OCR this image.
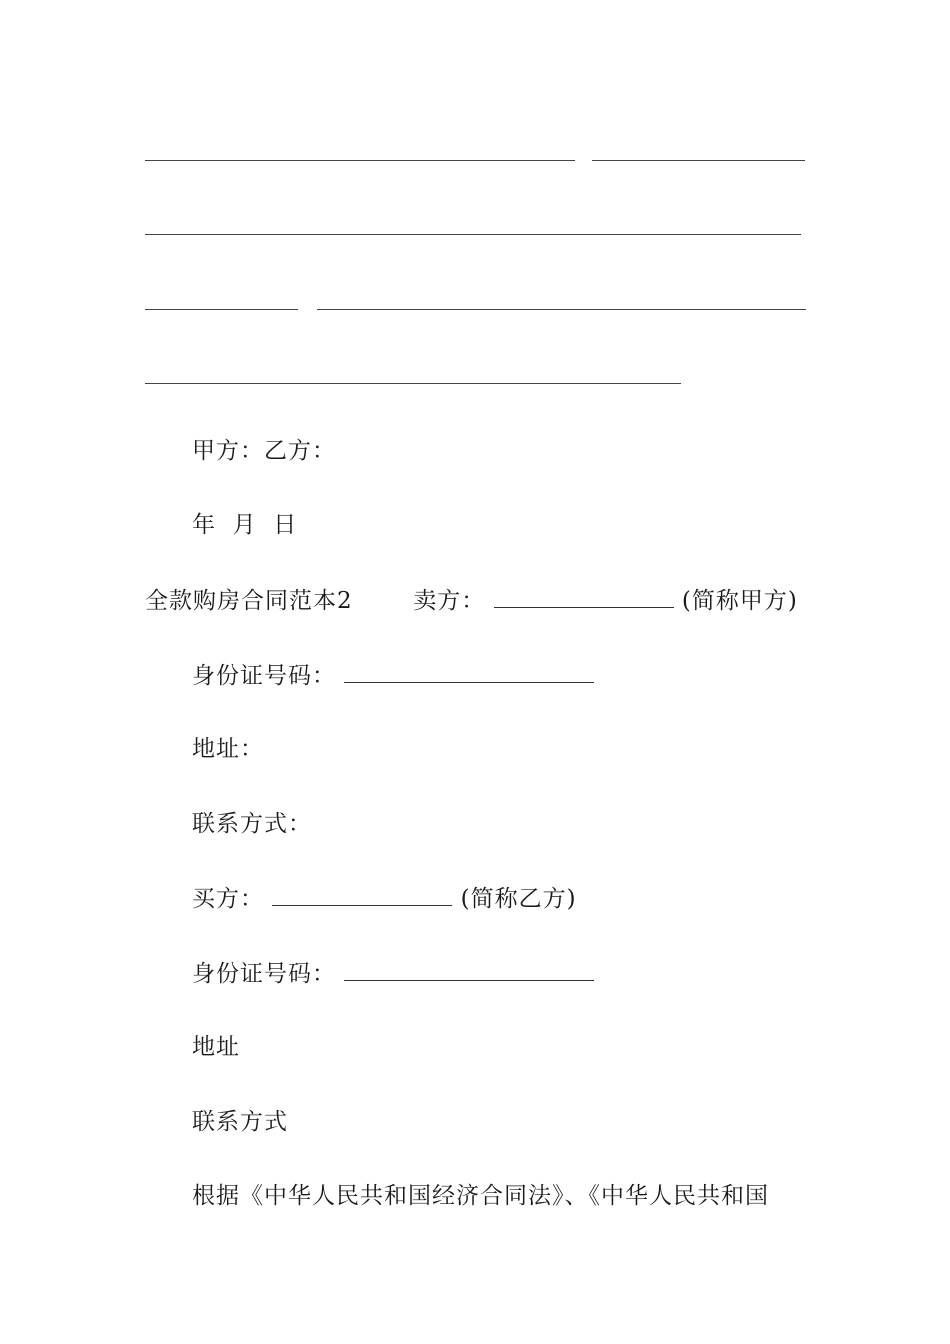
甲方：乙方：
年  月  日
全款购房合同范本2	卖方：	(简称甲方)
身份证号码：
地址：
联系方式：
买方：	(简称乙方)
身份证号码：
地址
联系方式
根据《中华人民共和国经济合同法》、《中华人民共和国
